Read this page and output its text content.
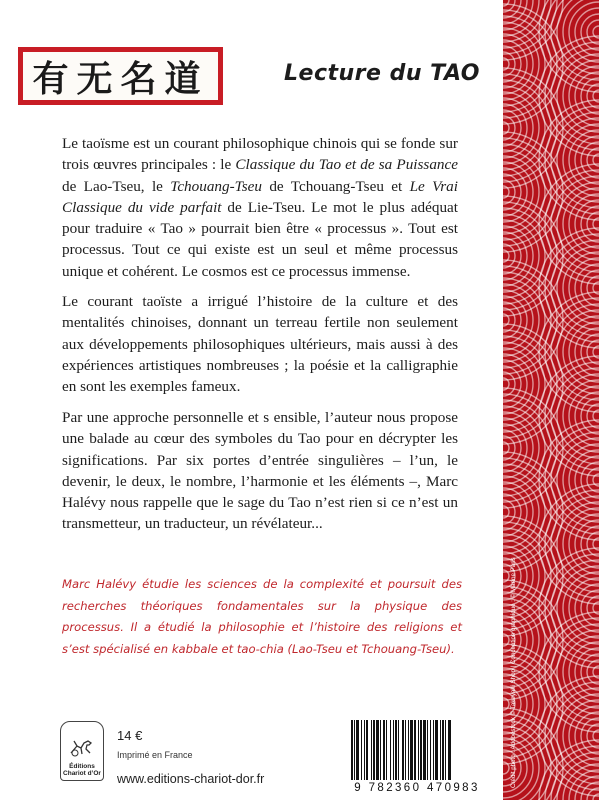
有无名道	Lecture du TAO

Le taoïsme est un courant philosophique chinois qui se fonde sur trois œuvres principales : le Classique du Tao et de sa Puissance de Lao-Tseu, le Tchouang-Tseu de Tchouang-Tseu et Le Vrai Classique du vide parfait de Lie-Tseu. Le mot le plus adéquat pour traduire « Tao » pourrait bien être « processus ». Tout est processus. Tout ce qui existe est un seul et même processus unique et cohérent. Le cosmos est ce processus immense.

Le courant taoïste a irrigué l’histoire de la culture et des mentalités chinoises, donnant un terreau fertile non seulement aux développements philosophiques ultérieurs, mais aussi à des expériences artistiques nombreuses ; la poésie et la calligraphie en sont les exemples fameux.

Par une approche personnelle et s ensible, l’auteur nous propose une balade au cœur des symboles du Tao pour en décrypter les significations. Par six portes d’entrée singulières – l’un, le devenir, le deux, le nombre, l’harmonie et les éléments –, Marc Halévy nous rappelle que le sage du Tao n’est rien si ce n’est un transmetteur, un traducteur, un révélateur...

Marc Halévy étudie les sciences de la complexité et poursuit des recherches théoriques fondamentales sur la physique des processus. Il a étudié la philosophie et l’histoire des religions et s’est spécialisé en kabbale et tao-chia (Lao-Tseu et Tchouang-Tseu).	Crédit photo : Adobestock © Takoyaki Shop | Conception graphique : © Marine Paris
Éditions
Chariot d’Or
14 €
Imprimé en France
www.editions-chariot-dor.fr
9 782360 470983
